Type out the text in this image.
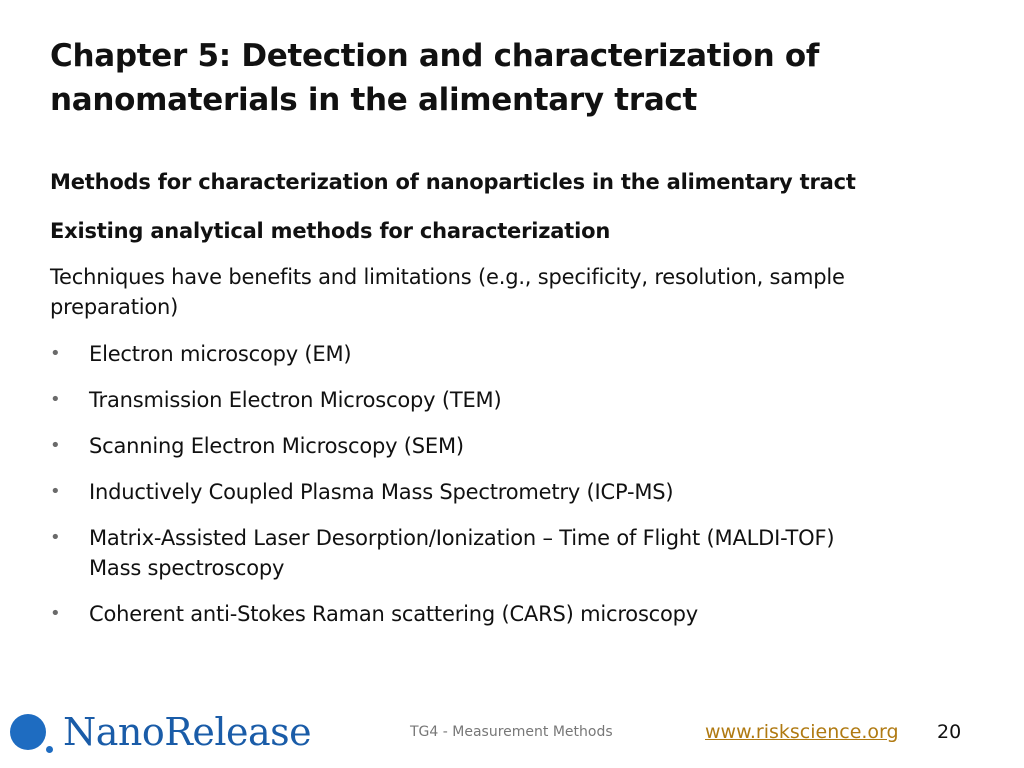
Chapter 5: Detection and characterization of nanomaterials in the alimentary tract

Methods for characterization of nanoparticles in the alimentary tract

Existing analytical methods for characterization

Techniques have benefits and limitations (e.g., specificity, resolution, sample preparation)

• Electron microscopy (EM)
• Transmission Electron Microscopy (TEM)
• Scanning Electron Microscopy (SEM)
• Inductively Coupled Plasma Mass Spectrometry (ICP-MS)
• Matrix-Assisted Laser Desorption/Ionization – Time of Flight (MALDI-TOF) Mass spectroscopy
• Coherent anti-Stokes Raman scattering (CARS) microscopy
NanoRelease	TG4 - Measurement Methods	www.riskscience.org 20
